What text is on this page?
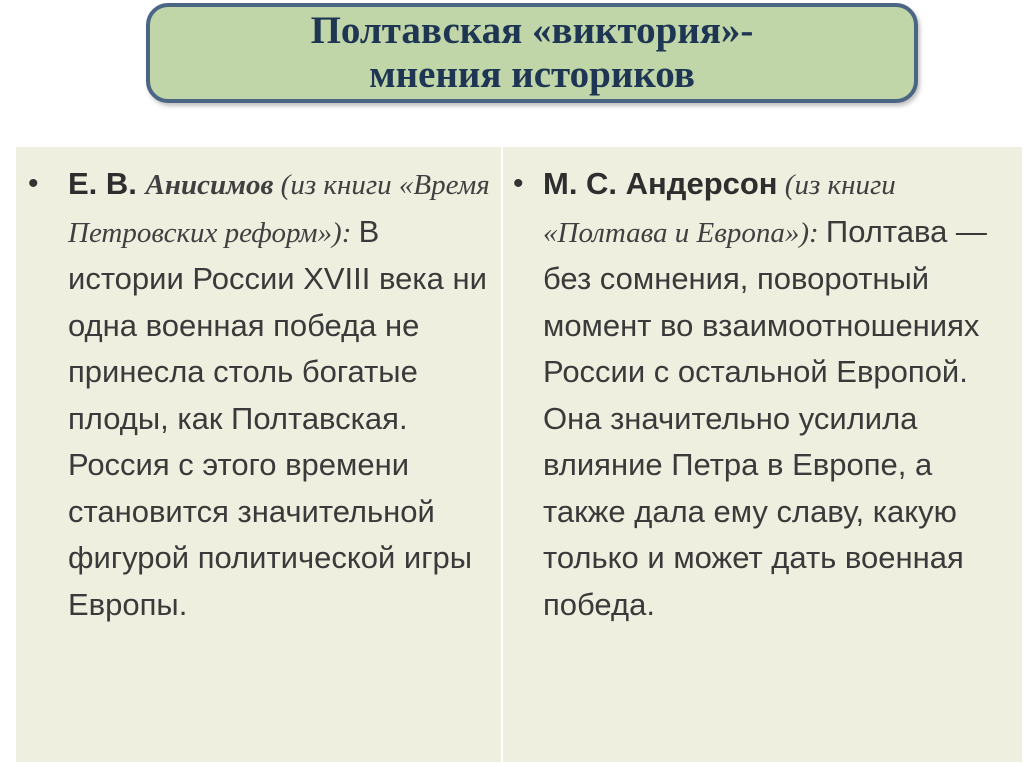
Полтавская «виктория»-
мнения историков
• Е. В. Анисимов (из книги «Время Петровских реформ»): В истории России XVIII века ни одна военная победа не принесла столь богатые плоды, как Полтавская. Россия с этого времени становится значительной фигурой политической игры Европы.
• М. С. Андерсон (из книги «Полтава и Европа»): Полтава — без сомнения, поворотный момент во взаимоотношениях России с остальной Европой. Она значительно усилила влияние Петра в Европе, а также дала ему славу, какую только и может дать военная победа.
